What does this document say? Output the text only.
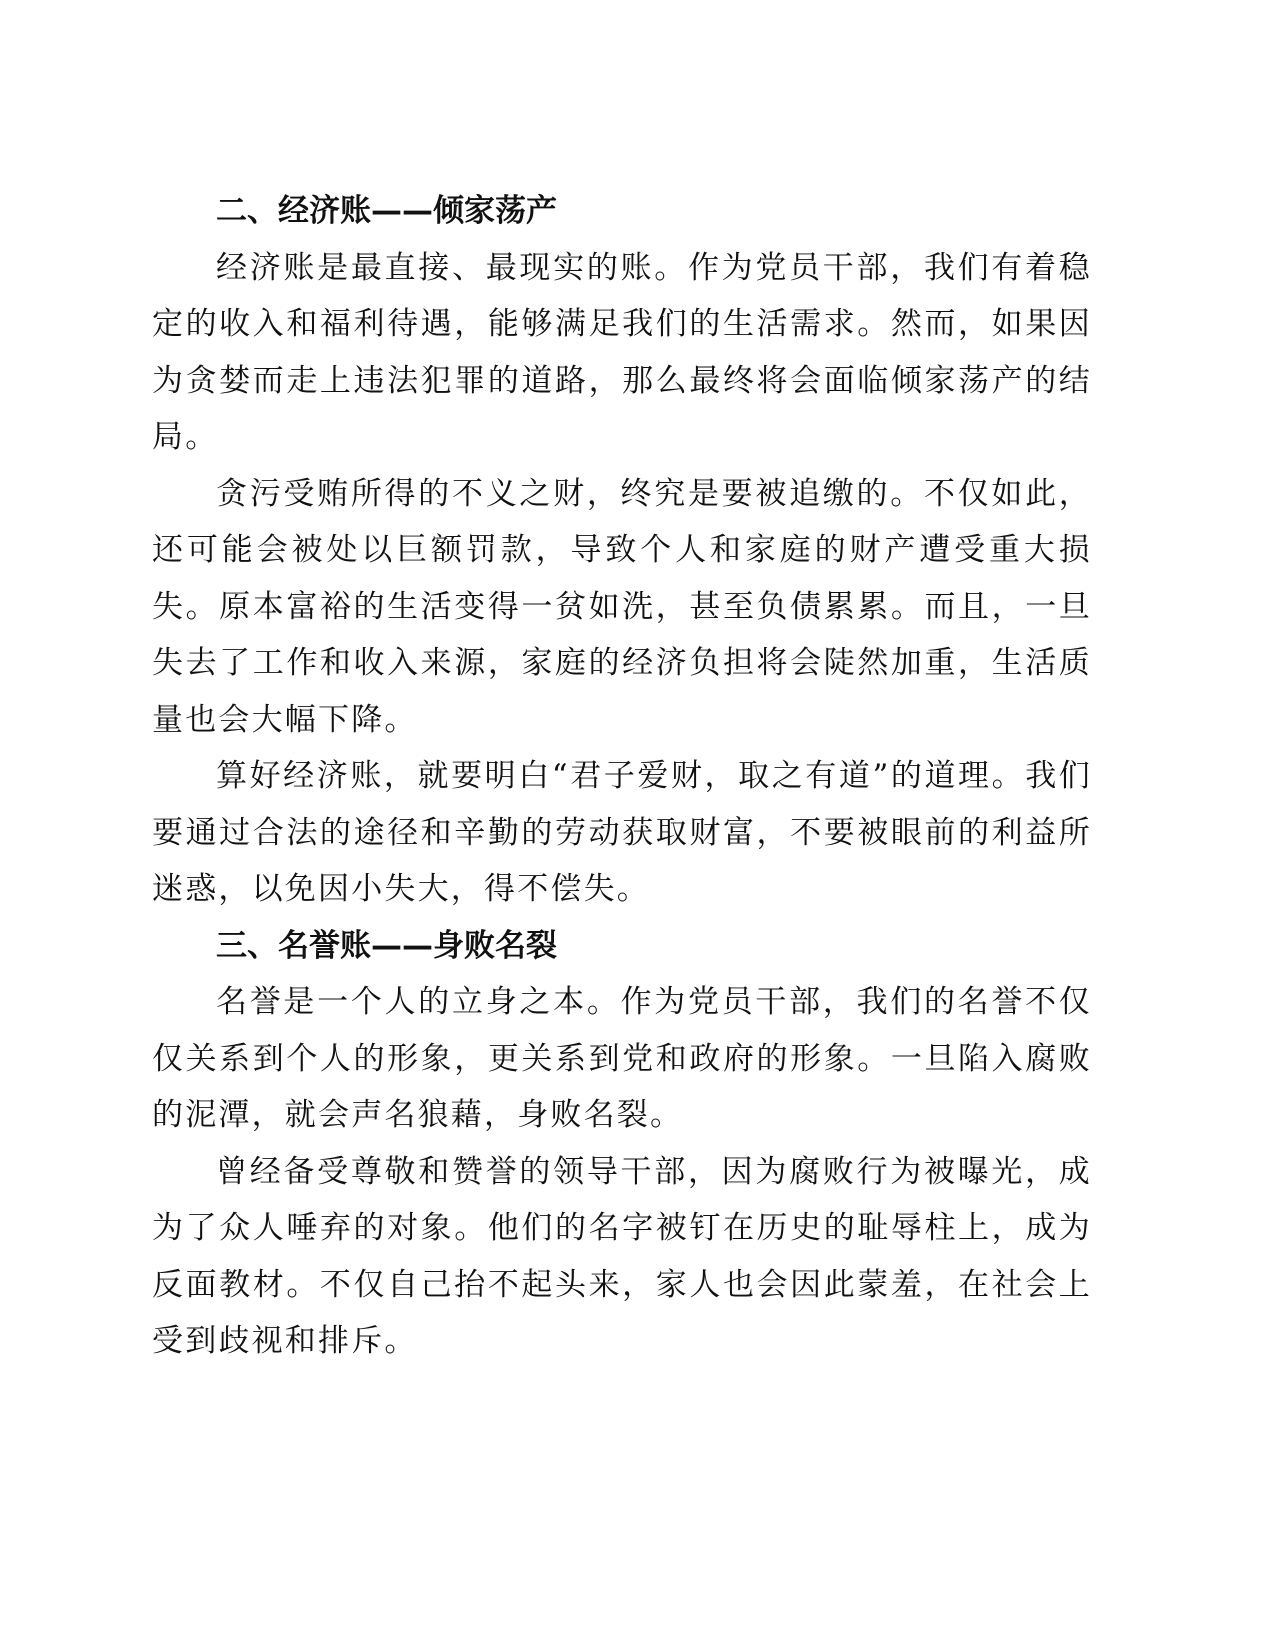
二、经济账——倾家荡产

经济账是最直接、最现实的账。作为党员干部，我们有着稳定的收入和福利待遇，能够满足我们的生活需求。然而，如果因为贪婪而走上违法犯罪的道路，那么最终将会面临倾家荡产的结局。

贪污受贿所得的不义之财，终究是要被追缴的。不仅如此，还可能会被处以巨额罚款，导致个人和家庭的财产遭受重大损失。原本富裕的生活变得一贫如洗，甚至负债累累。而且，一旦失去了工作和收入来源，家庭的经济负担将会陡然加重，生活质量也会大幅下降。

算好经济账，就要明白“君子爱财，取之有道”的道理。我们要通过合法的途径和辛勤的劳动获取财富，不要被眼前的利益所迷惑，以免因小失大，得不偿失。

三、名誉账——身败名裂

名誉是一个人的立身之本。作为党员干部，我们的名誉不仅仅关系到个人的形象，更关系到党和政府的形象。一旦陷入腐败的泥潭，就会声名狼藉，身败名裂。

曾经备受尊敬和赞誉的领导干部，因为腐败行为被曝光，成为了众人唾弃的对象。他们的名字被钉在历史的耻辱柱上，成为反面教材。不仅自己抬不起头来，家人也会因此蒙羞，在社会上受到歧视和排斥。
